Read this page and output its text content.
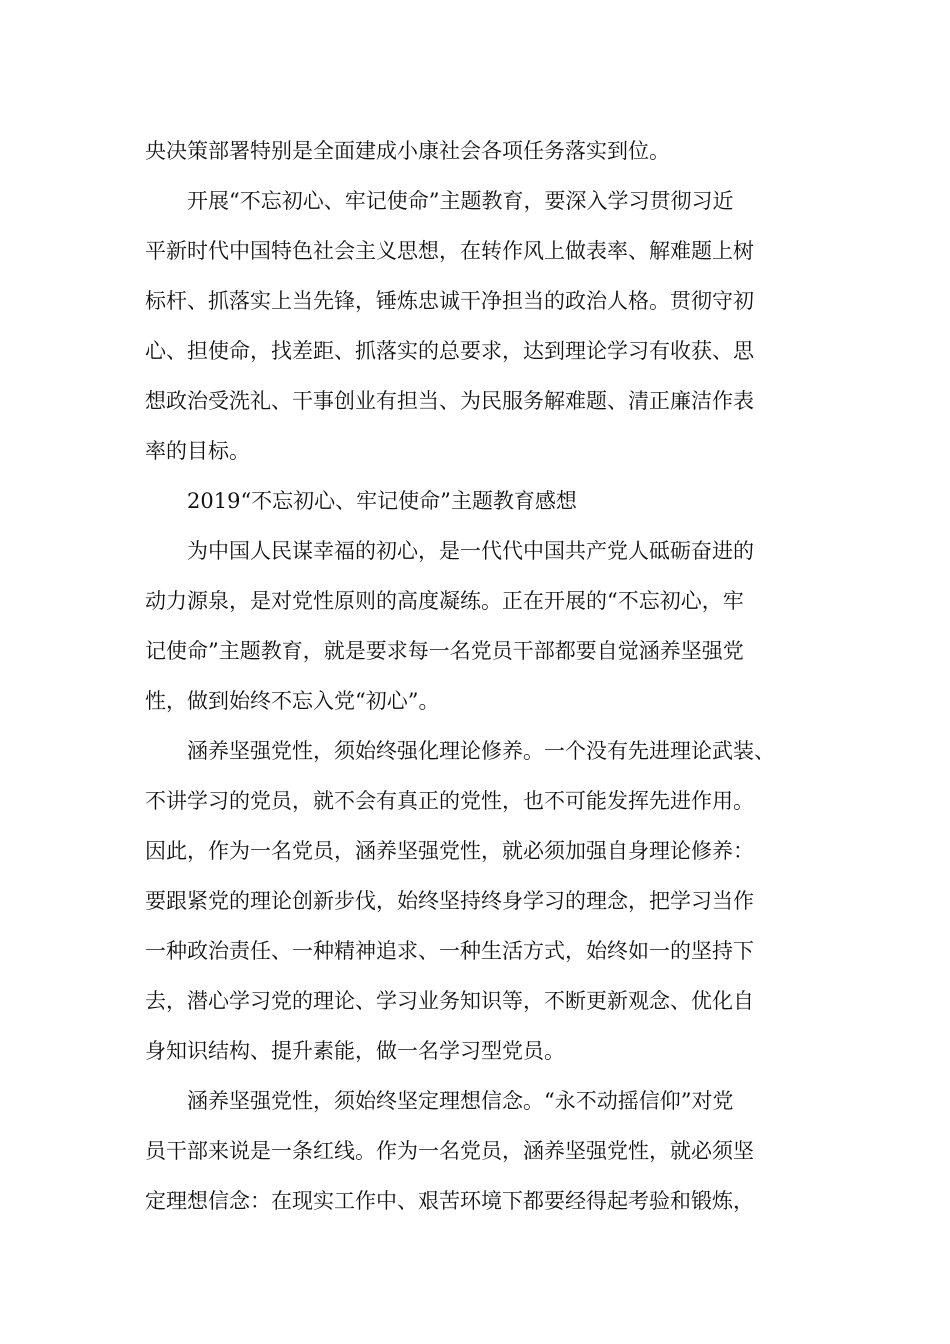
央决策部署特别是全面建成小康社会各项任务落实到位。
开展“不忘初心、牢记使命”主题教育，要深入学习贯彻习近
平新时代中国特色社会主义思想，在转作风上做表率、解难题上树
标杆、抓落实上当先锋，锤炼忠诚干净担当的政治人格。贯彻守初
心、担使命，找差距、抓落实的总要求，达到理论学习有收获、思
想政治受洗礼、干事创业有担当、为民服务解难题、清正廉洁作表
率的目标。
2019“不忘初心、牢记使命”主题教育感想
为中国人民谋幸福的初心，是一代代中国共产党人砥砺奋进的
动力源泉，是对党性原则的高度凝练。正在开展的“不忘初心，牢
记使命”主题教育，就是要求每一名党员干部都要自觉涵养坚强党
性，做到始终不忘入党“初心”。
涵养坚强党性，须始终强化理论修养。一个没有先进理论武装、
不讲学习的党员，就不会有真正的党性，也不可能发挥先进作用。
因此，作为一名党员，涵养坚强党性，就必须加强自身理论修养：
要跟紧党的理论创新步伐，始终坚持终身学习的理念，把学习当作
一种政治责任、一种精神追求、一种生活方式，始终如一的坚持下
去，潜心学习党的理论、学习业务知识等，不断更新观念、优化自
身知识结构、提升素能，做一名学习型党员。
涵养坚强党性，须始终坚定理想信念。“永不动摇信仰”对党
员干部来说是一条红线。作为一名党员，涵养坚强党性，就必须坚
定理想信念：在现实工作中、艰苦环境下都要经得起考验和锻炼，
